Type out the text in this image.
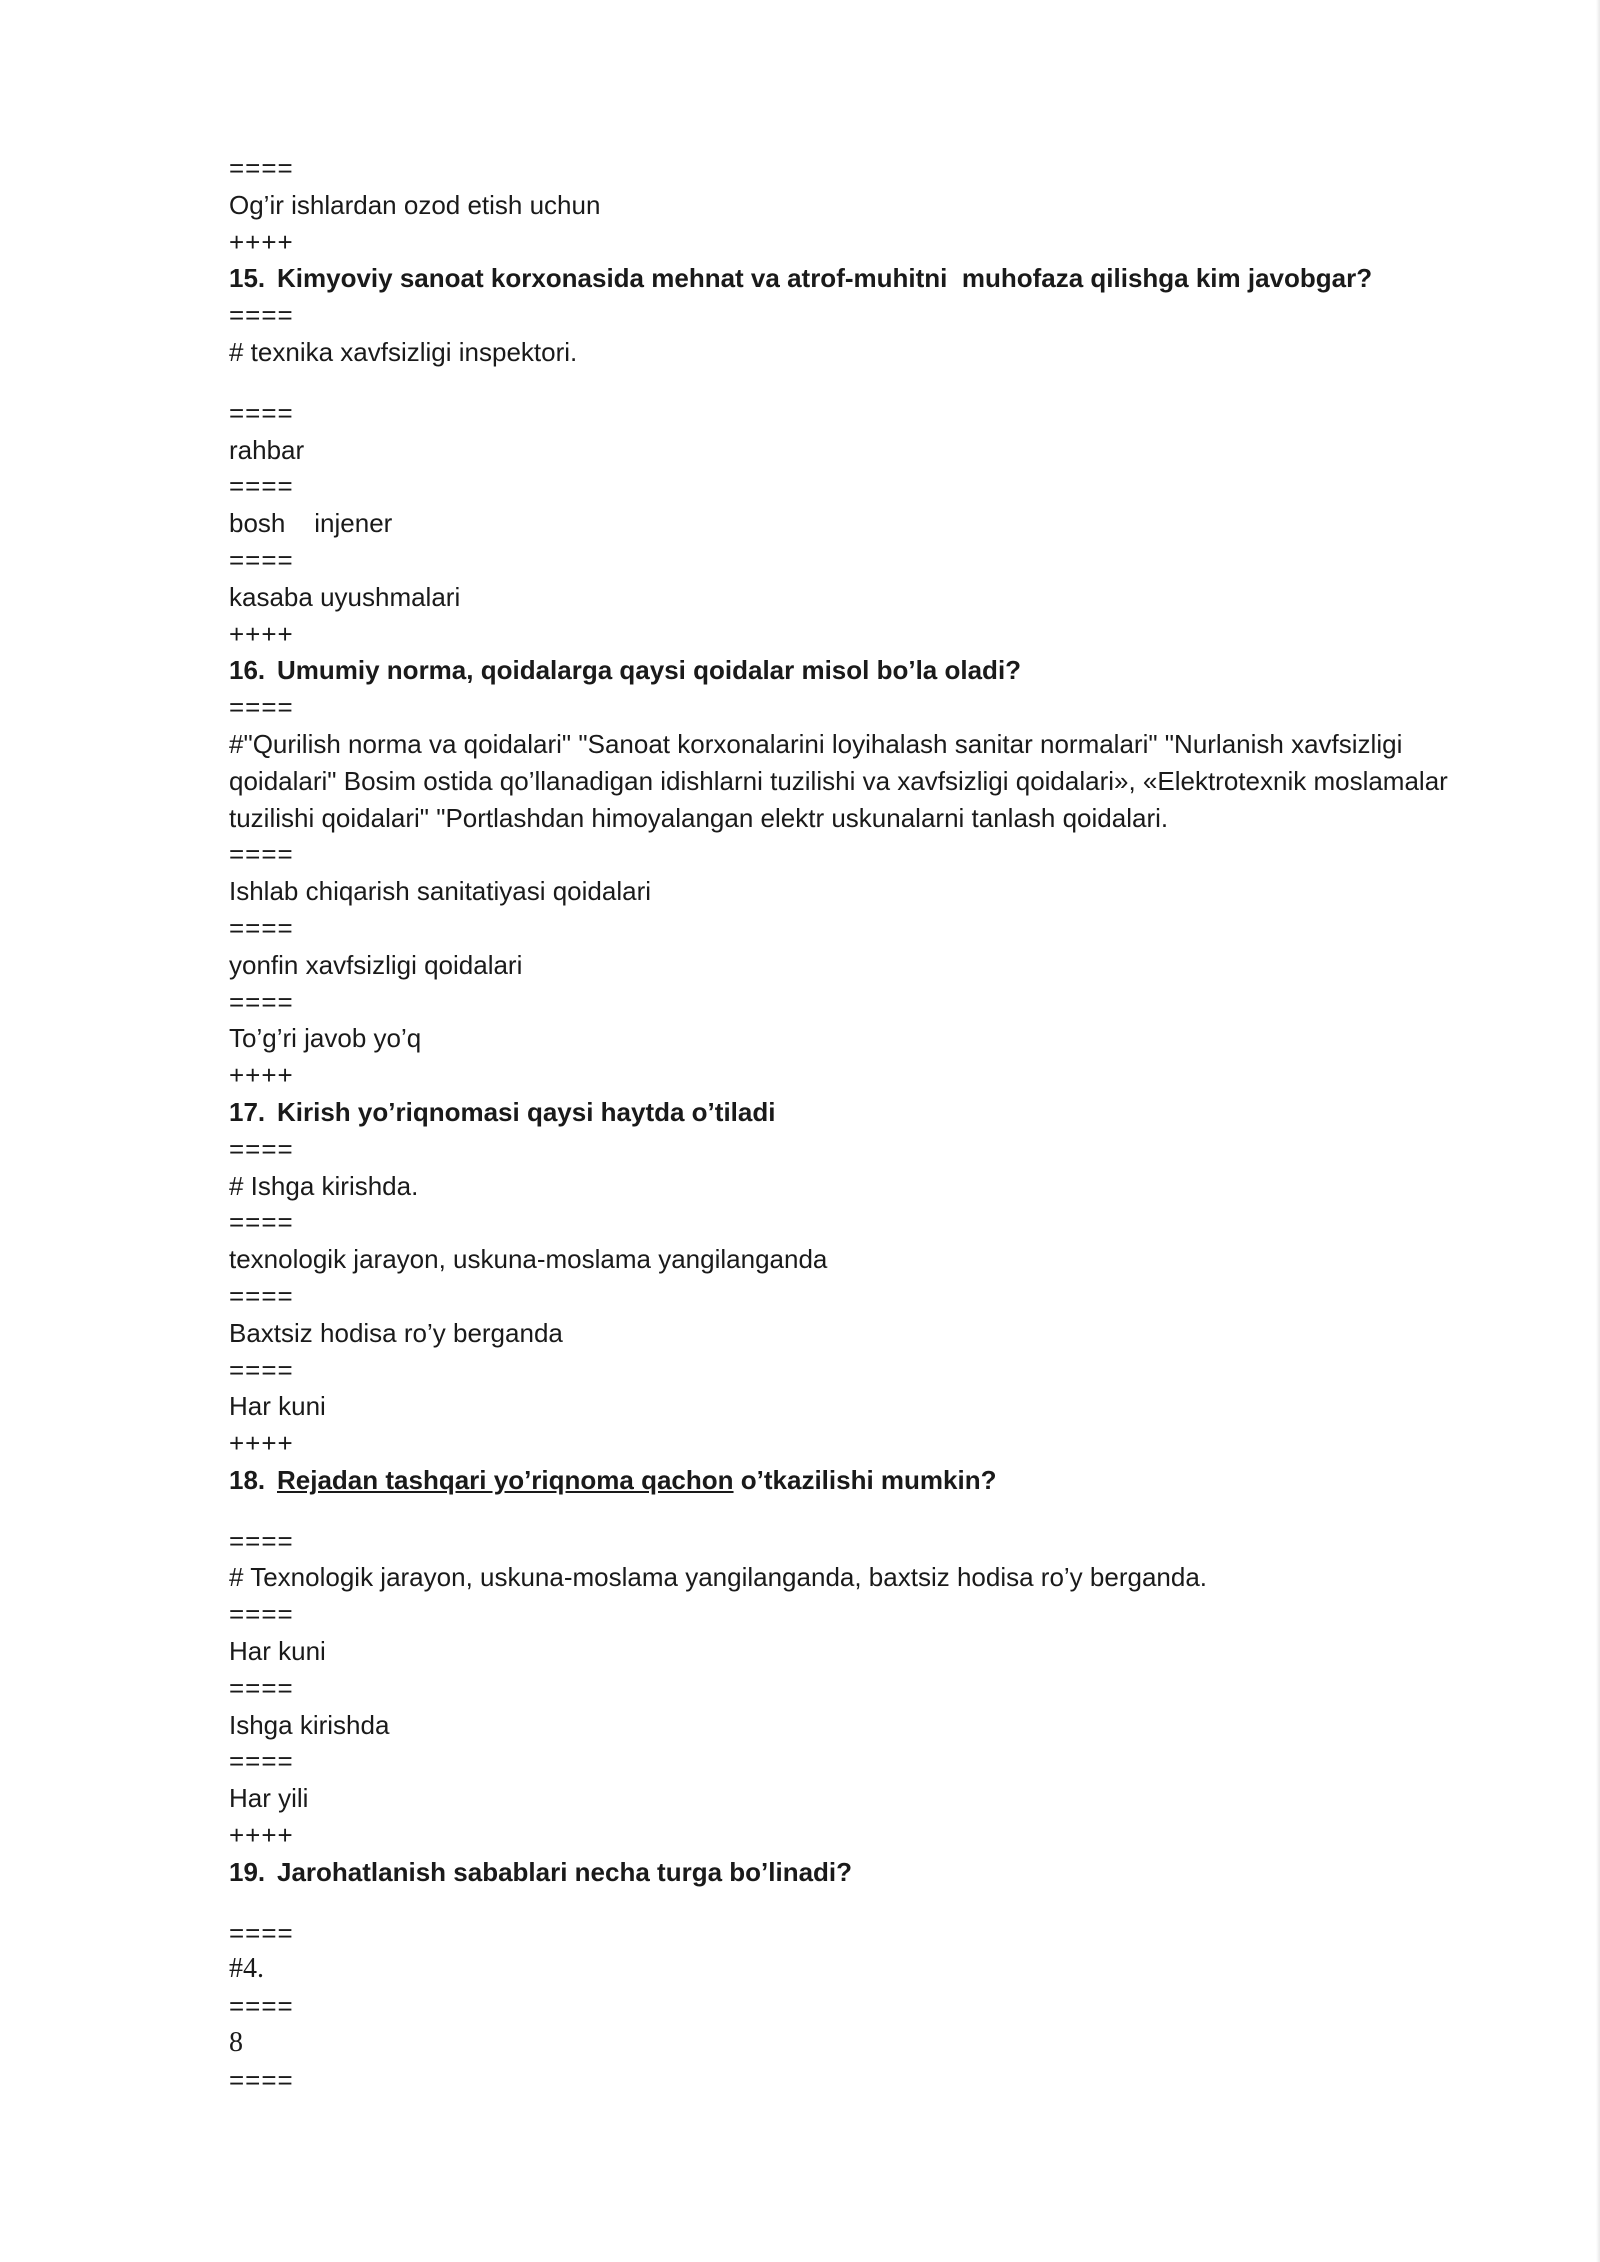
====
Og’ir ishlardan ozod etish uchun
++++
15. Kimyoviy sanoat korxonasida mehnat va atrof-muhitni  muhofaza qilishga kim javobgar?
====
# texnika xavfsizligi inspektori.
====
rahbar
====
bosh    injener
====
kasaba uyushmalari
++++
16. Umumiy norma, qoidalarga qaysi qoidalar misol bo’la oladi?
====
#"Qurilish norma va qoidalari" "Sanoat korxonalarini loyihalash sanitar normalari" "Nurlanish xavfsizligi qoidalari" Bosim ostida qo’llanadigan idishlarni tuzilishi va xavfsizligi qoidalari», «Elektrotexnik moslamalar tuzilishi qoidalari" "Portlashdan himoyalangan elektr uskunalarni tanlash qoidalari.
====
Ishlab chiqarish sanitatiyasi qoidalari
====
yonfin xavfsizligi qoidalari
====
To’g’ri javob yo’q
++++
17. Kirish yo’riqnomasi qaysi haytda o’tiladi
====
# Ishga kirishda.
====
texnologik jarayon, uskuna-moslama yangilanganda
====
Baxtsiz hodisa ro’y berganda
====
Har kuni
++++
18. Rejadan tashqari yo’riqnoma qachon o’tkazilishi mumkin?
====
# Texnologik jarayon, uskuna-moslama yangilanganda, baxtsiz hodisa ro’y berganda.
====
Har kuni
====
Ishga kirishda
====
Har yili
++++
19. Jarohatlanish sabablari necha turga bo’linadi?
====
#4.
====
8
====
